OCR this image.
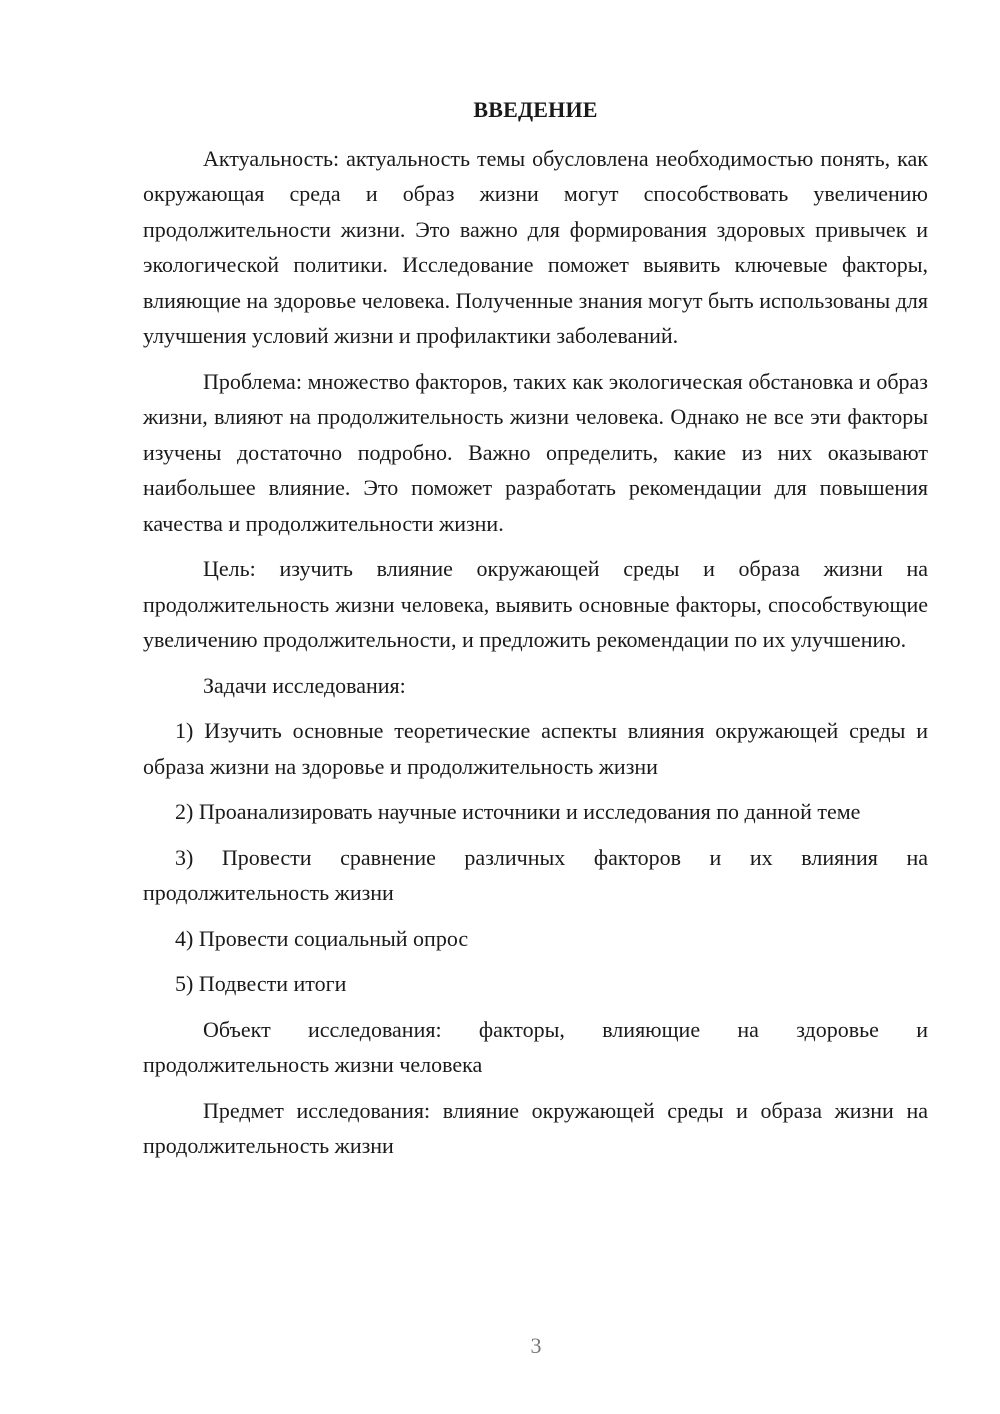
ВВЕДЕНИЕ

Актуальность: актуальность темы обусловлена необходимостью понять, как окружающая среда и образ жизни могут способствовать увеличению продолжительности жизни. Это важно для формирования здоровых привычек и экологической политики. Исследование поможет выявить ключевые факторы, влияющие на здоровье человека. Полученные знания могут быть использованы для улучшения условий жизни и профилактики заболеваний.

Проблема: множество факторов, таких как экологическая обстановка и образ жизни, влияют на продолжительность жизни человека. Однако не все эти факторы изучены достаточно подробно. Важно определить, какие из них оказывают наибольшее влияние. Это поможет разработать рекомендации для повышения качества и продолжительности жизни.

Цель: изучить влияние окружающей среды и образа жизни на продолжительность жизни человека, выявить основные факторы, способствующие увеличению продолжительности, и предложить рекомендации по их улучшению.

Задачи исследования:

1) Изучить основные теоретические аспекты влияния окружающей среды и образа жизни на здоровье и продолжительность жизни

2) Проанализировать научные источники и исследования по данной теме

3) Провести сравнение различных факторов и их влияния на продолжительность жизни

4) Провести социальный опрос

5) Подвести итоги

Объект исследования: факторы, влияющие на здоровье и продолжительность жизни человека

Предмет исследования: влияние окружающей среды и образа жизни на продолжительность жизни

3
